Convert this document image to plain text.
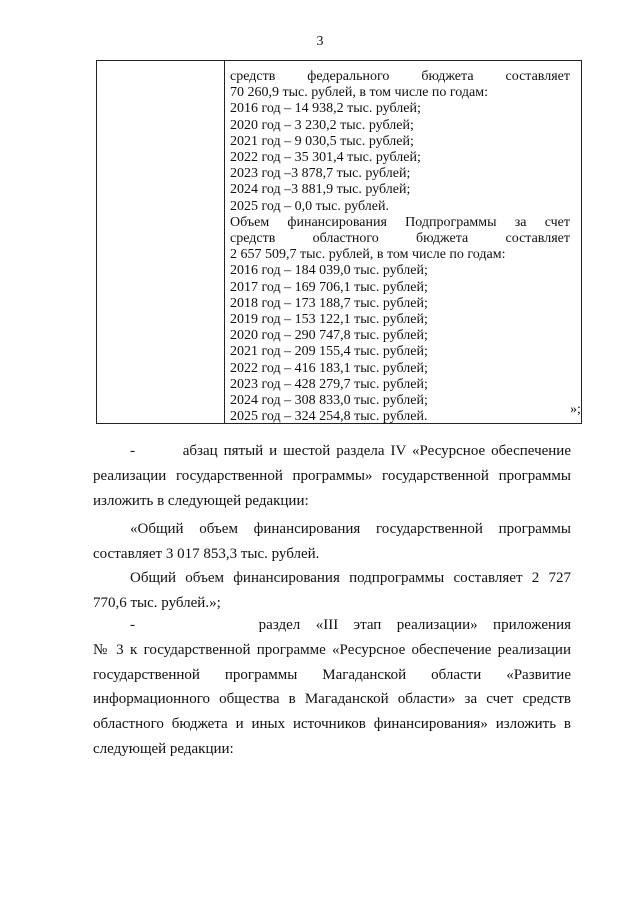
3
средств федерального бюджета составляет
70 260,9 тыс. рублей, в том числе по годам:
2016 год – 14 938,2 тыс. рублей;
2020 год – 3 230,2 тыс. рублей;
2021 год – 9 030,5 тыс. рублей;
2022 год – 35 301,4 тыс. рублей;
2023 год –3 878,7 тыс. рублей;
2024 год –3 881,9 тыс. рублей;
2025 год – 0,0 тыс. рублей.
Объем финансирования Подпрограммы за счет
средств областного бюджета составляет
2 657 509,7 тыс. рублей, в том числе по годам:
2016 год – 184 039,0 тыс. рублей;
2017 год – 169 706,1 тыс. рублей;
2018 год – 173 188,7 тыс. рублей;
2019 год – 153 122,1 тыс. рублей;
2020 год – 290 747,8 тыс. рублей;
2021 год – 209 155,4 тыс. рублей;
2022 год – 416 183,1 тыс. рублей;
2023 год – 428 279,7 тыс. рублей;
2024 год – 308 833,0 тыс. рублей;
2025 год – 324 254,8 тыс. рублей.	»;

-        абзац пятый и шестой раздела IV «Ресурсное обеспечение

реализации государственной программы» государственной программы изложить в следующей редакции:

«Общий объем финансирования государственной программы составляет 3 017 853,3 тыс. рублей.

Общий объем финансирования подпрограммы составляет 2 727 770,6 тыс. рублей.»;

-        раздел «III этап реализации» приложения

№ 3 к государственной программе «Ресурсное обеспечение реализации государственной программы Магаданской области «Развитие информационного общества в Магаданской области» за счет средств областного бюджета и иных источников финансирования» изложить в следующей редакции:
